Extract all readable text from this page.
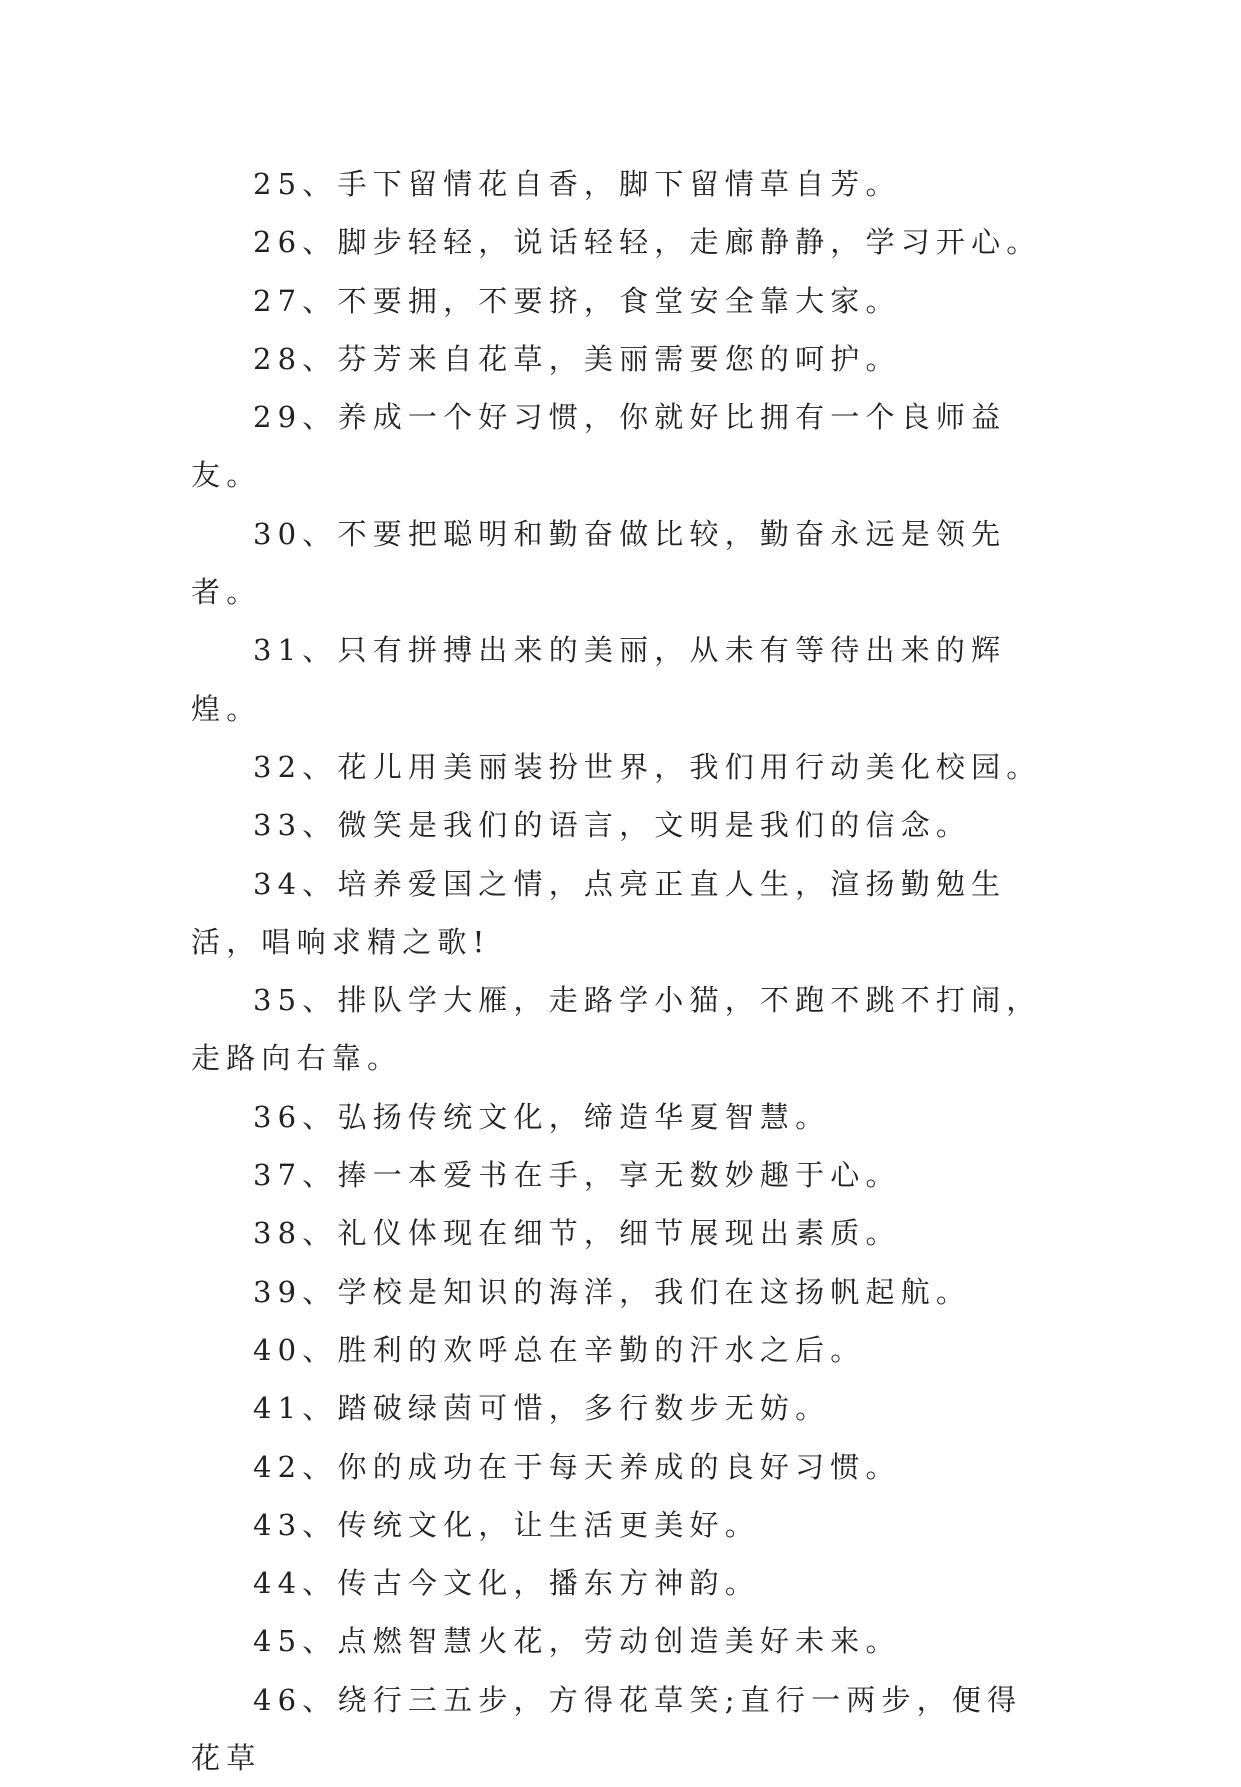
25、手下留情花自香，脚下留情草自芳。

26、脚步轻轻，说话轻轻，走廊静静，学习开心。

27、不要拥，不要挤，食堂安全靠大家。

28、芬芳来自花草，美丽需要您的呵护。

29、养成一个好习惯，你就好比拥有一个良师益友。

30、不要把聪明和勤奋做比较，勤奋永远是领先者。

31、只有拼搏出来的美丽，从未有等待出来的辉煌。

32、花儿用美丽装扮世界，我们用行动美化校园。

33、微笑是我们的语言，文明是我们的信念。

34、培养爱国之情，点亮正直人生，渲扬勤勉生活，唱响求精之歌!

35、排队学大雁，走路学小猫，不跑不跳不打闹，走路向右靠。

36、弘扬传统文化，缔造华夏智慧。

37、捧一本爱书在手，享无数妙趣于心。

38、礼仪体现在细节，细节展现出素质。

39、学校是知识的海洋，我们在这扬帆起航。

40、胜利的欢呼总在辛勤的汗水之后。

41、踏破绿茵可惜，多行数步无妨。

42、你的成功在于每天养成的良好习惯。

43、传统文化，让生活更美好。

44、传古今文化，播东方神韵。

45、点燃智慧火花，劳动创造美好未来。

46、绕行三五步，方得花草笑;直行一两步，便得花草
